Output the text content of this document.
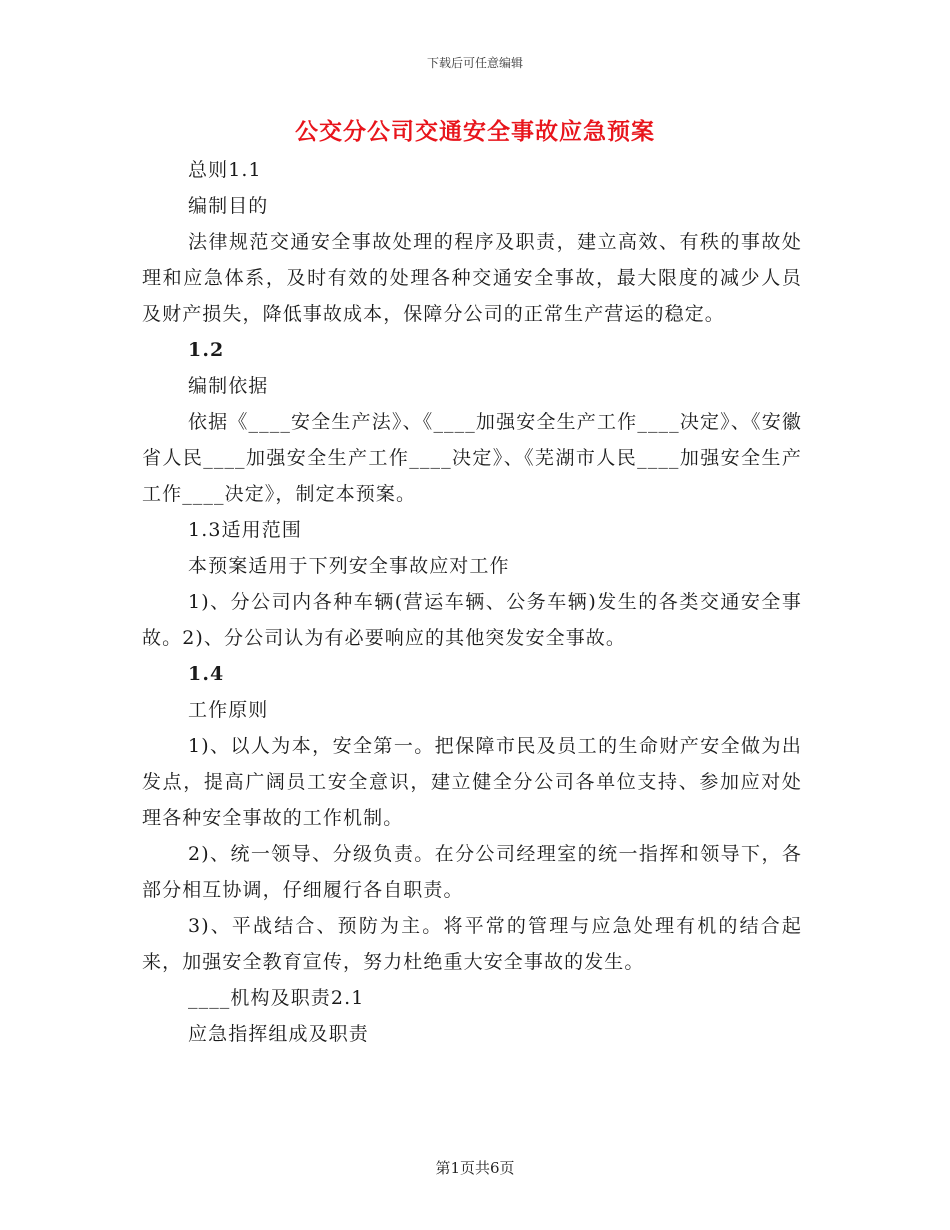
下载后可任意编辑
公交分公司交通安全事故应急预案

总则1.1

编制目的

法律规范交通安全事故处理的程序及职责，建立高效、有秩的事故处理和应急体系，及时有效的处理各种交通安全事故，最大限度的减少人员及财产损失，降低事故成本，保障分公司的正常生产营运的稳定。

1.2

编制依据

依据《____安全生产法》、《____加强安全生产工作____决定》、《安徽省人民____加强安全生产工作____决定》、《芜湖市人民____加强安全生产工作____决定》，制定本预案。

1.3适用范围

本预案适用于下列安全事故应对工作

1)、分公司内各种车辆(营运车辆、公务车辆)发生的各类交通安全事故。2)、分公司认为有必要响应的其他突发安全事故。

1.4

工作原则

1)、以人为本，安全第一。把保障市民及员工的生命财产安全做为出发点，提高广阔员工安全意识，建立健全分公司各单位支持、参加应对处理各种安全事故的工作机制。

2)、统一领导、分级负责。在分公司经理室的统一指挥和领导下，各部分相互协调，仔细履行各自职责。

3)、平战结合、预防为主。将平常的管理与应急处理有机的结合起来，加强安全教育宣传，努力杜绝重大安全事故的发生。

____机构及职责2.1

应急指挥组成及职责

第1页共6页
